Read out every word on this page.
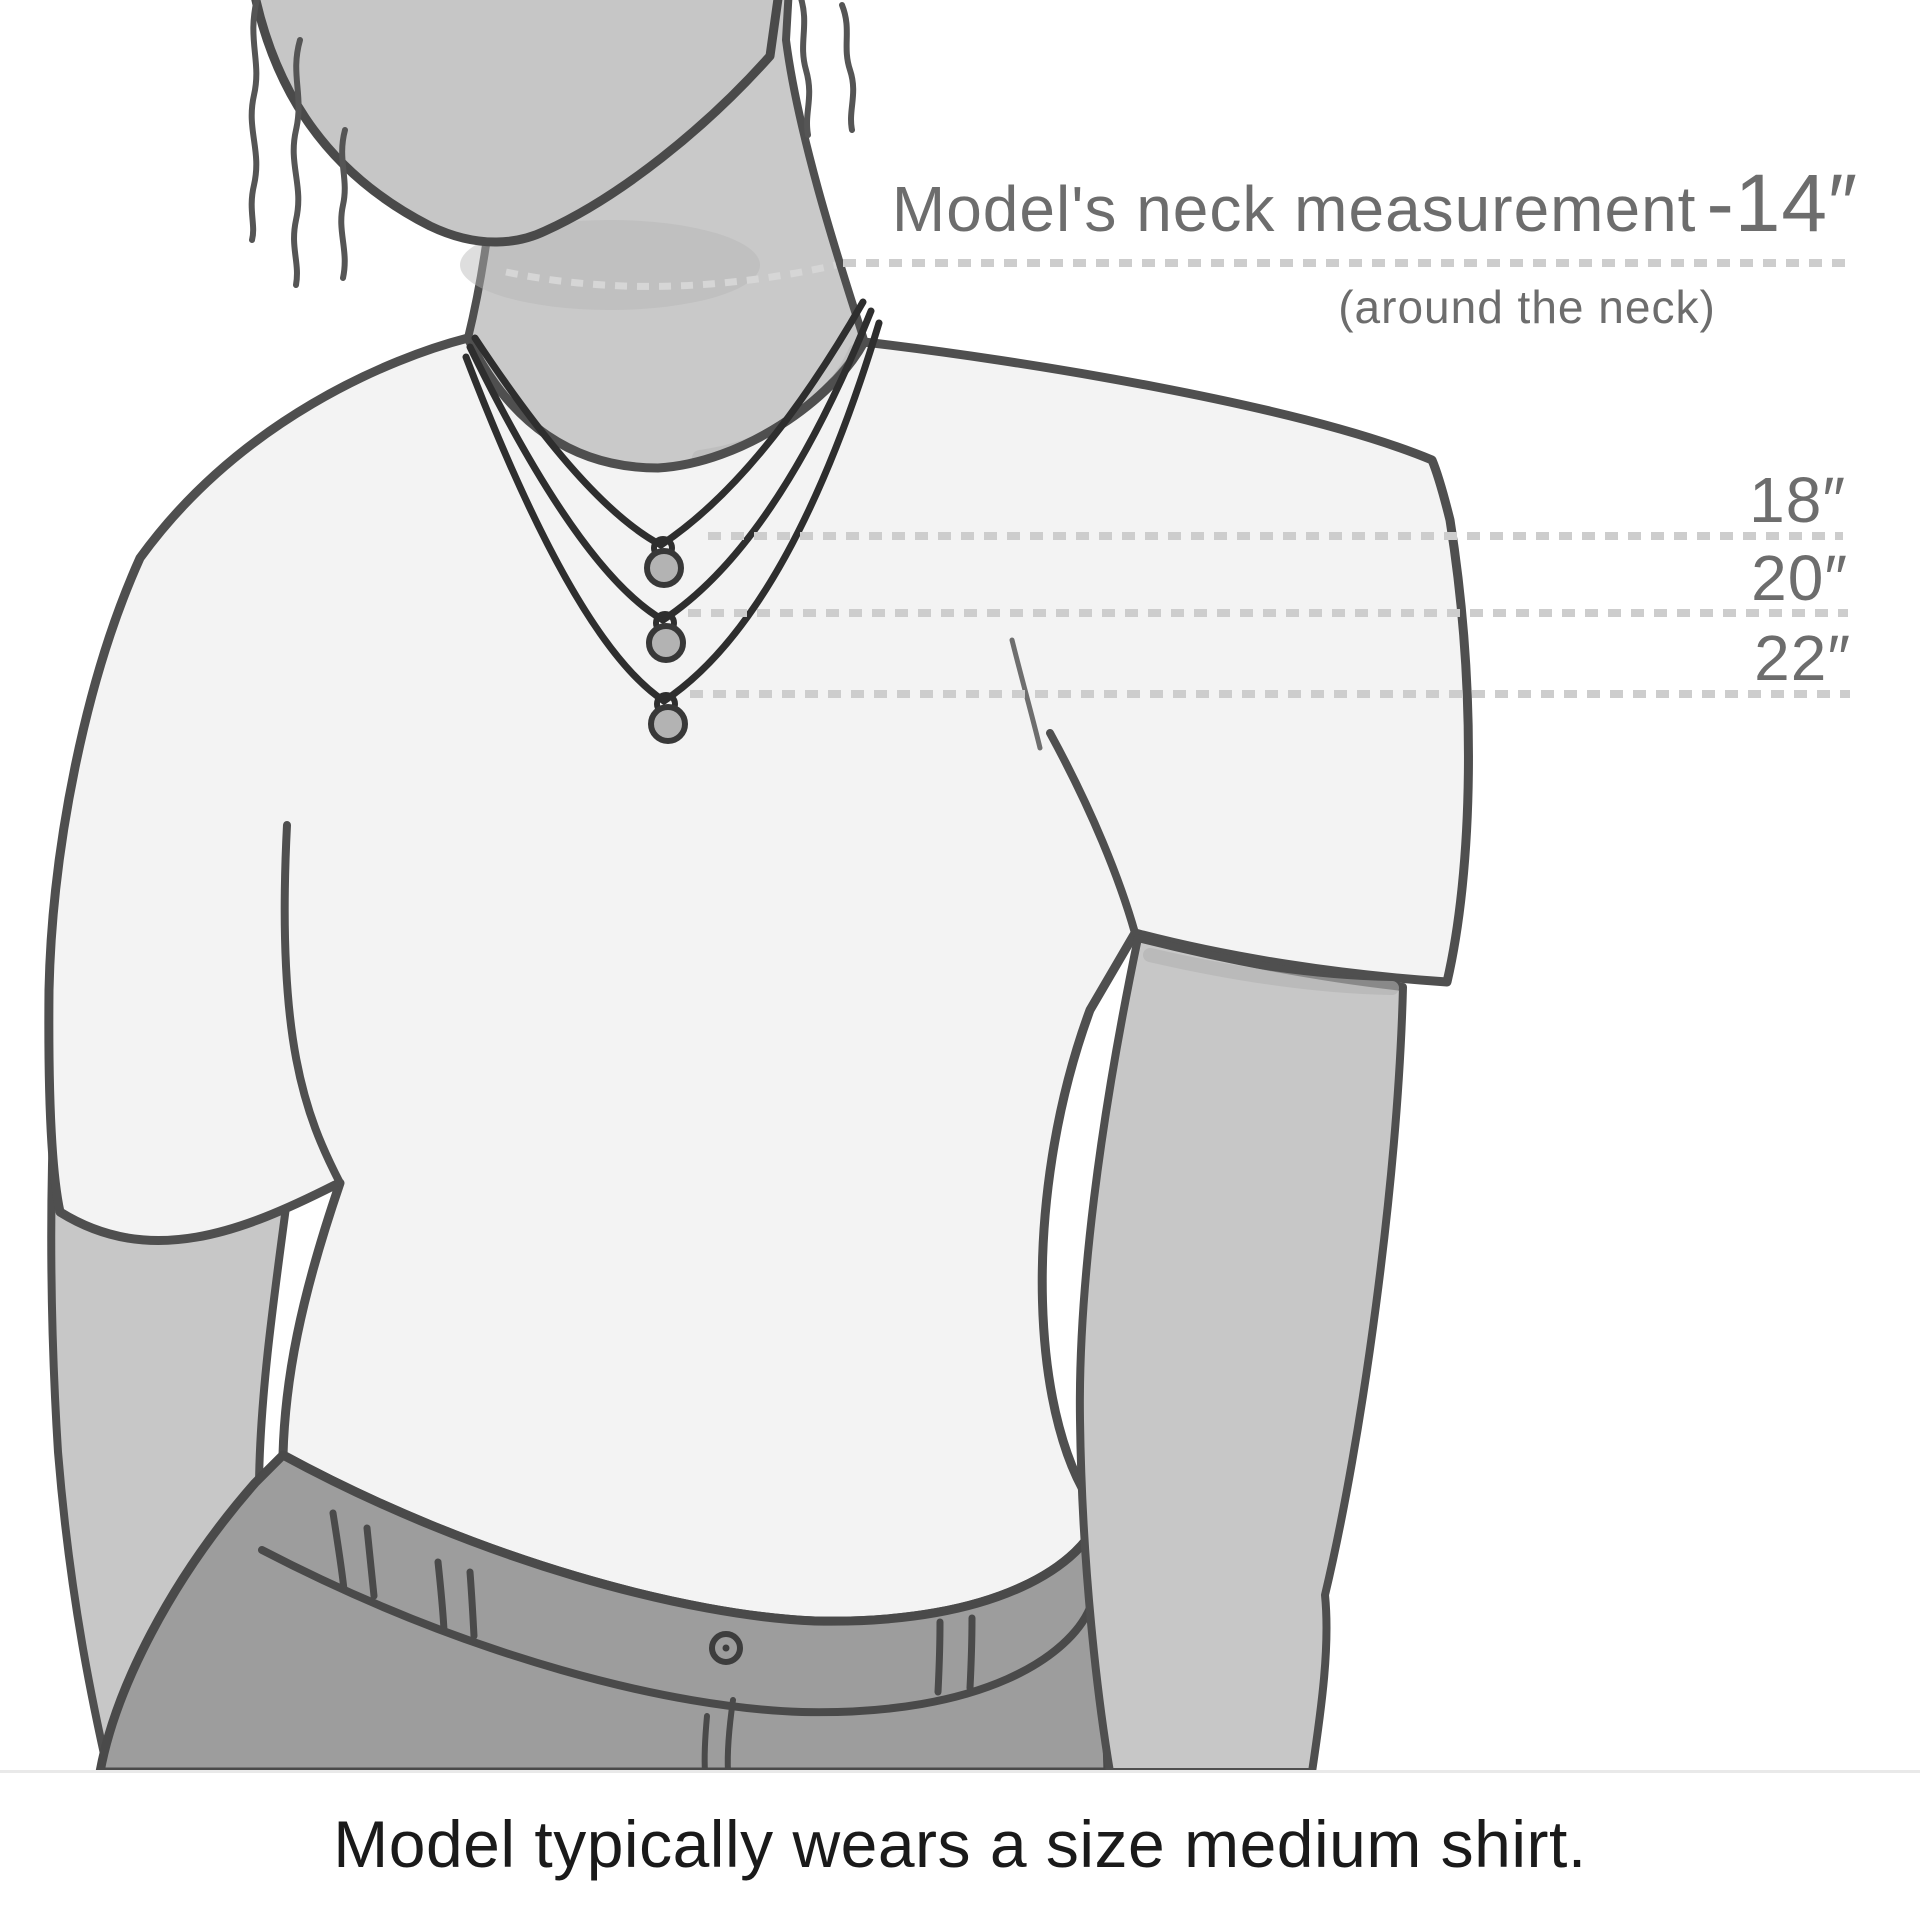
Model's neck measurement -14″
(around the neck)
18″
20″
22″
Model typically wears a size medium shirt.
